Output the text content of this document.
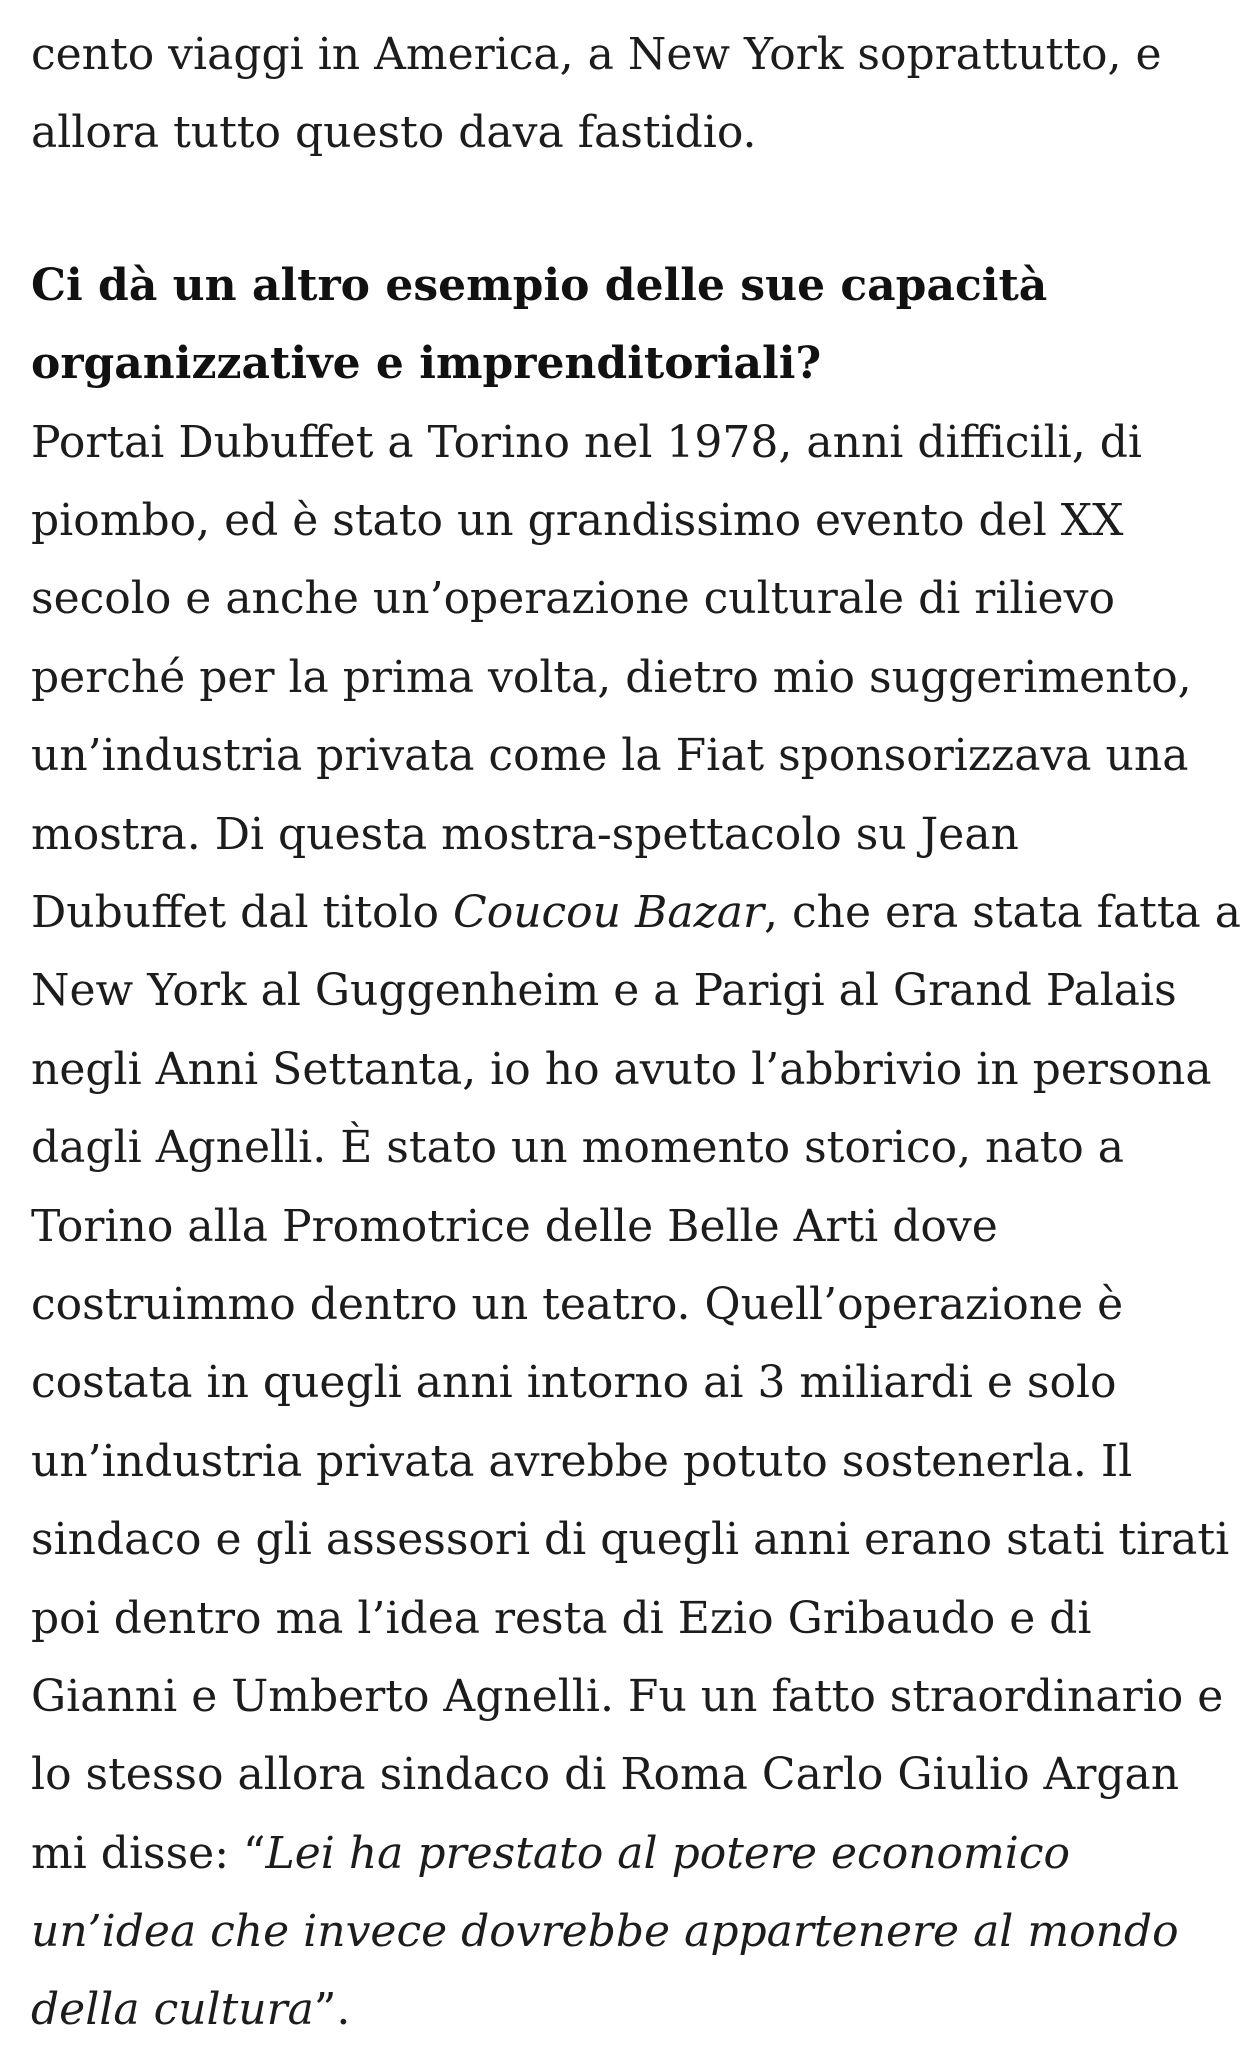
cento viaggi in America, a New York soprattutto, e
allora tutto questo dava fastidio.
Ci dà un altro esempio delle sue capacità
organizzative e imprenditoriali?
Portai Dubuffet a Torino nel 1978, anni difficili, di
piombo, ed è stato un grandissimo evento del XX
secolo e anche un’operazione culturale di rilievo
perché per la prima volta, dietro mio suggerimento,
un’industria privata come la Fiat sponsorizzava una
mostra. Di questa mostra-spettacolo su Jean
Dubuffet dal titolo Coucou Bazar, che era stata fatta a
New York al Guggenheim e a Parigi al Grand Palais
negli Anni Settanta, io ho avuto l’abbrivio in persona
dagli Agnelli. È stato un momento storico, nato a
Torino alla Promotrice delle Belle Arti dove
costruimmo dentro un teatro. Quell’operazione è
costata in quegli anni intorno ai 3 miliardi e solo
un’industria privata avrebbe potuto sostenerla. Il
sindaco e gli assessori di quegli anni erano stati tirati
poi dentro ma l’idea resta di Ezio Gribaudo e di
Gianni e Umberto Agnelli. Fu un fatto straordinario e
lo stesso allora sindaco di Roma Carlo Giulio Argan
mi disse: “Lei ha prestato al potere economico
un’idea che invece dovrebbe appartenere al mondo
della cultura”.
